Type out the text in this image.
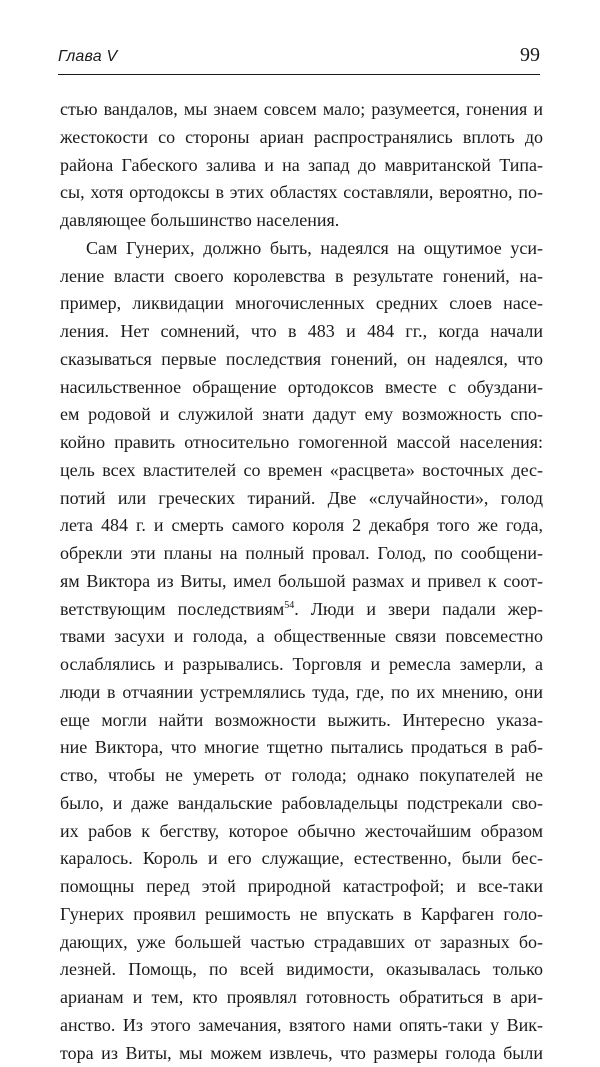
Глава V	99
стью вандалов, мы знаем совсем мало; разумеется, гонения и
жестокости со стороны ариан распространялись вплоть до
района Габеского залива и на запад до мавританской Типа-
сы, хотя ортодоксы в этих областях составляли, вероятно, по-
давляющее большинство населения.
Сам Гунерих, должно быть, надеялся на ощутимое уси-
ление власти своего королевства в результате гонений, на-
пример, ликвидации многочисленных средних слоев насе-
ления. Нет сомнений, что в 483 и 484 гг., когда начали
сказываться первые последствия гонений, он надеялся, что
насильственное обращение ортодоксов вместе с обуздани-
ем родовой и служилой знати дадут ему возможность спо-
койно править относительно гомогенной массой населения:
цель всех властителей со времен «расцвета» восточных дес-
потий или греческих тираний. Две «случайности», голод
лета 484 г. и смерть самого короля 2 декабря того же года,
обрекли эти планы на полный провал. Голод, по сообщени-
ям Виктора из Виты, имел большой размах и привел к соот-
ветствующим последствиям$^{54}$. Люди и звери падали жер-
твами засухи и голода, а общественные связи повсеместно
ослаблялись и разрывались. Торговля и ремесла замерли, а
люди в отчаянии устремлялись туда, где, по их мнению, они
еще могли найти возможности выжить. Интересно указа-
ние Виктора, что многие тщетно пытались продаться в раб-
ство, чтобы не умереть от голода; однако покупателей не
было, и даже вандальские рабовладельцы подстрекали сво-
их рабов к бегству, которое обычно жесточайшим образом
каралось. Король и его служащие, естественно, были бес-
помощны перед этой природной катастрофой; и все-таки
Гунерих проявил решимость не впускать в Карфаген голо-
дающих, уже большей частью страдавших от заразных бо-
лезней. Помощь, по всей видимости, оказывалась только
арианам и тем, кто проявлял готовность обратиться в ари-
анство. Из этого замечания, взятого нами опять-таки у Вик-
тора из Виты, мы можем извлечь, что размеры голода были
